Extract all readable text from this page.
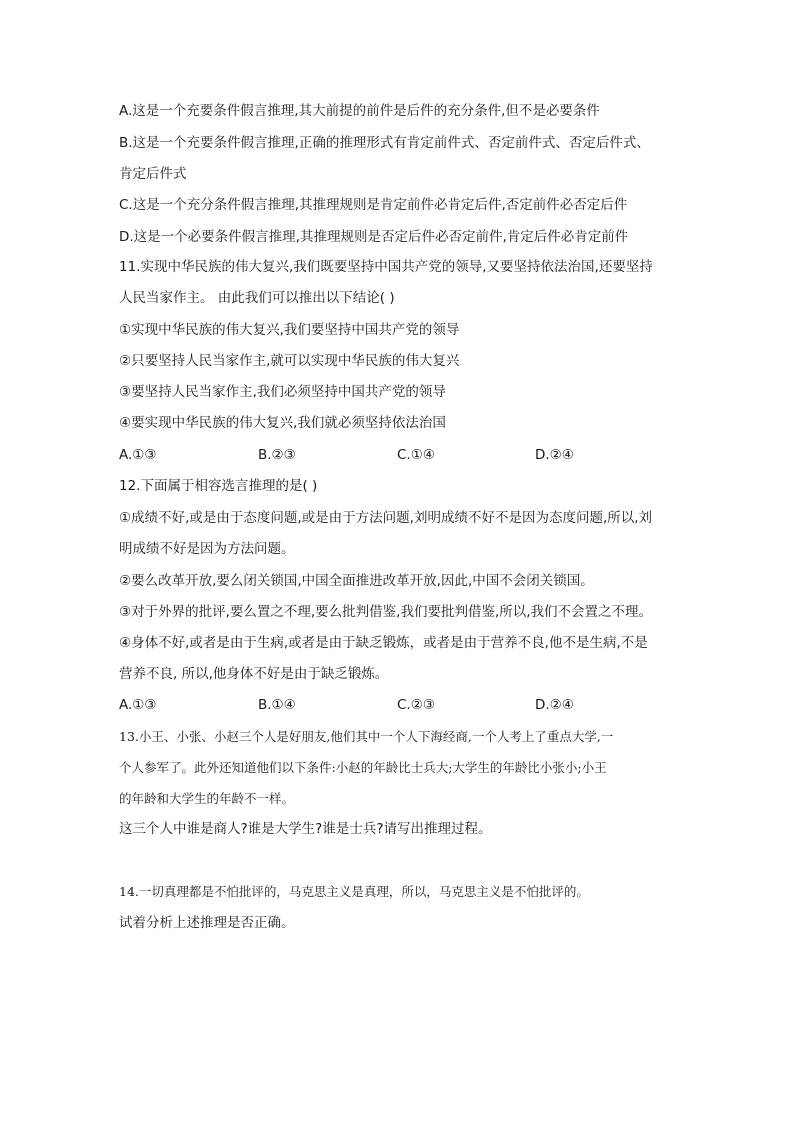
A.这是一个充要条件假言推理,其大前提的前件是后件的充分条件,但不是必要条件
B.这是一个充要条件假言推理,正确的推理形式有肯定前件式、否定前件式、否定后件式、
肯定后件式
C.这是一个充分条件假言推理,其推理规则是肯定前件必肯定后件,否定前件必否定后件
D.这是一个必要条件假言推理,其推理规则是否定后件必否定前件,肯定后件必肯定前件
11.实现中华民族的伟大复兴,我们既要坚持中国共产党的领导,又要坚持依法治国,还要坚持
人民当家作主。 由此我们可以推出以下结论( )
①实现中华民族的伟大复兴,我们要坚持中国共产党的领导
②只要坚持人民当家作主,就可以实现中华民族的伟大复兴
③要坚持人民当家作主,我们必须坚持中国共产党的领导
④要实现中华民族的伟大复兴,我们就必须坚持依法治国
A.①③	B.②③	C.①④	D.②④
12.下面属于相容选言推理的是( )
①成绩不好,或是由于态度问题,或是由于方法问题,刘明成绩不好不是因为态度问题,所以,刘
明成绩不好是因为方法问题。
②要么改革开放,要么闭关锁国,中国全面推进改革开放,因此,中国不会闭关锁国。
③对于外界的批评,要么置之不理,要么批判借鉴,我们要批判借鉴,所以,我们不会置之不理。
④身体不好,或者是由于生病,或者是由于缺乏锻炼，或者是由于营养不良,他不是生病,不是
营养不良, 所以,他身体不好是由于缺乏锻炼。
A.①③	B.①④	C.②③	D.②④
13.小王、小张、小赵三个人是好朋友,他们其中一个人下海经商,一个人考上了重点大学,一
个人参军了。此外还知道他们以下条件:小赵的年龄比士兵大;大学生的年龄比小张小;小王
的年龄和大学生的年龄不一样。
这三个人中谁是商人?谁是大学生?谁是士兵?请写出推理过程。
14.一切真理都是不怕批评的，马克思主义是真理，所以，马克思主义是不怕批评的。
试着分析上述推理是否正确。
